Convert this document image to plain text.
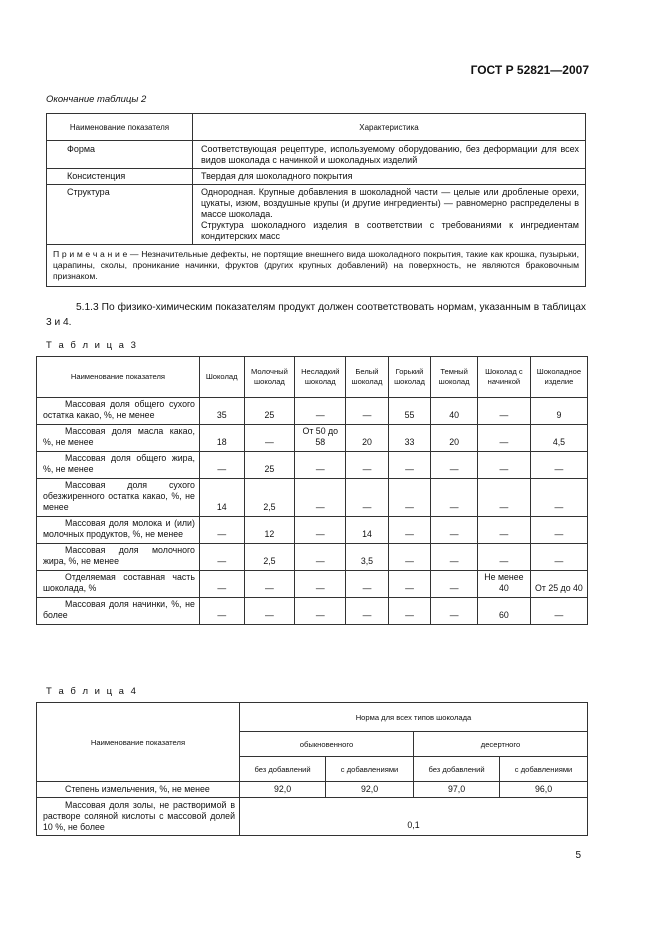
ГОСТ Р 52821—2007
Окончание таблицы 2
Наименование показателя	Характеристика
Форма	Соответствующая рецептуре, используемому оборудованию, без деформации для всех видов шоколада с начинкой и шоколадных изделий
Консистенция	Твердая для шоколадного покрытия
Структура	Однородная. Крупные добавления в шоколадной части — целые или дробленые орехи, цукаты, изюм, воздушные крупы (и другие ингредиенты) — равномерно распределены в массе шоколада.
Структура шоколадного изделия в соответствии с требованиями к ингредиентам кондитерских масс

П р и м е ч а н и е — Незначительные дефекты, не портящие внешнего вида шоколадного покрытия, такие как крошка, пузырьки, царапины, сколы, проникание начинки, фруктов (других крупных добавлений) на поверхность, не являются браковочным признаком.	
5.1.3 По физико-химическим показателям продукт должен соответствовать нормам, указанным в таблицах 3 и 4.
Т а б л и ц а 3
Наименование показателя	Шоколад	Молочный шоколад	Несладкий шоколад	Белый шоколад	Горький шоколад	Темный шоколад	Шоколад с начинкой	Шоколадное изделие

Массовая доля общего сухого остатка какао, %, не менее	35	25	—	—	55	40	—	9

Массовая доля масла какао, %, не менее	18	—	От 50 до 58	20	33	20	—	4,5

Массовая доля общего жира, %, не менее	—	25	—	—	—	—	—	—

Массовая доля сухого обезжиренного остатка какао, %, не менее	14	2,5	—	—	—	—	—	—

Массовая доля молока и (или) молочных продуктов, %, не менее	—	12	—	14	—	—	—	—

Массовая доля молочного жира, %, не менее	—	2,5	—	3,5	—	—	—	—

Отделяемая составная часть шоколада, %	—	—	—	—	—	—	Не менее 40	От 25 до 40

Массовая доля начинки, %, не более	—	—	—	—	—	—	60	—
Т а б л и ц а 4
Наименование показателя	Норма для всех типов шоколада			
	обыкновенного		десертного	
	без добавлений	с добавлениями	без добавлений	с добавлениями
Степень измельчения, %, не менее	92,0	92,0	97,0	96,0

Массовая доля золы, не растворимой в растворе соляной кислоты с массовой долей 10 %, не более	0,1			
5
